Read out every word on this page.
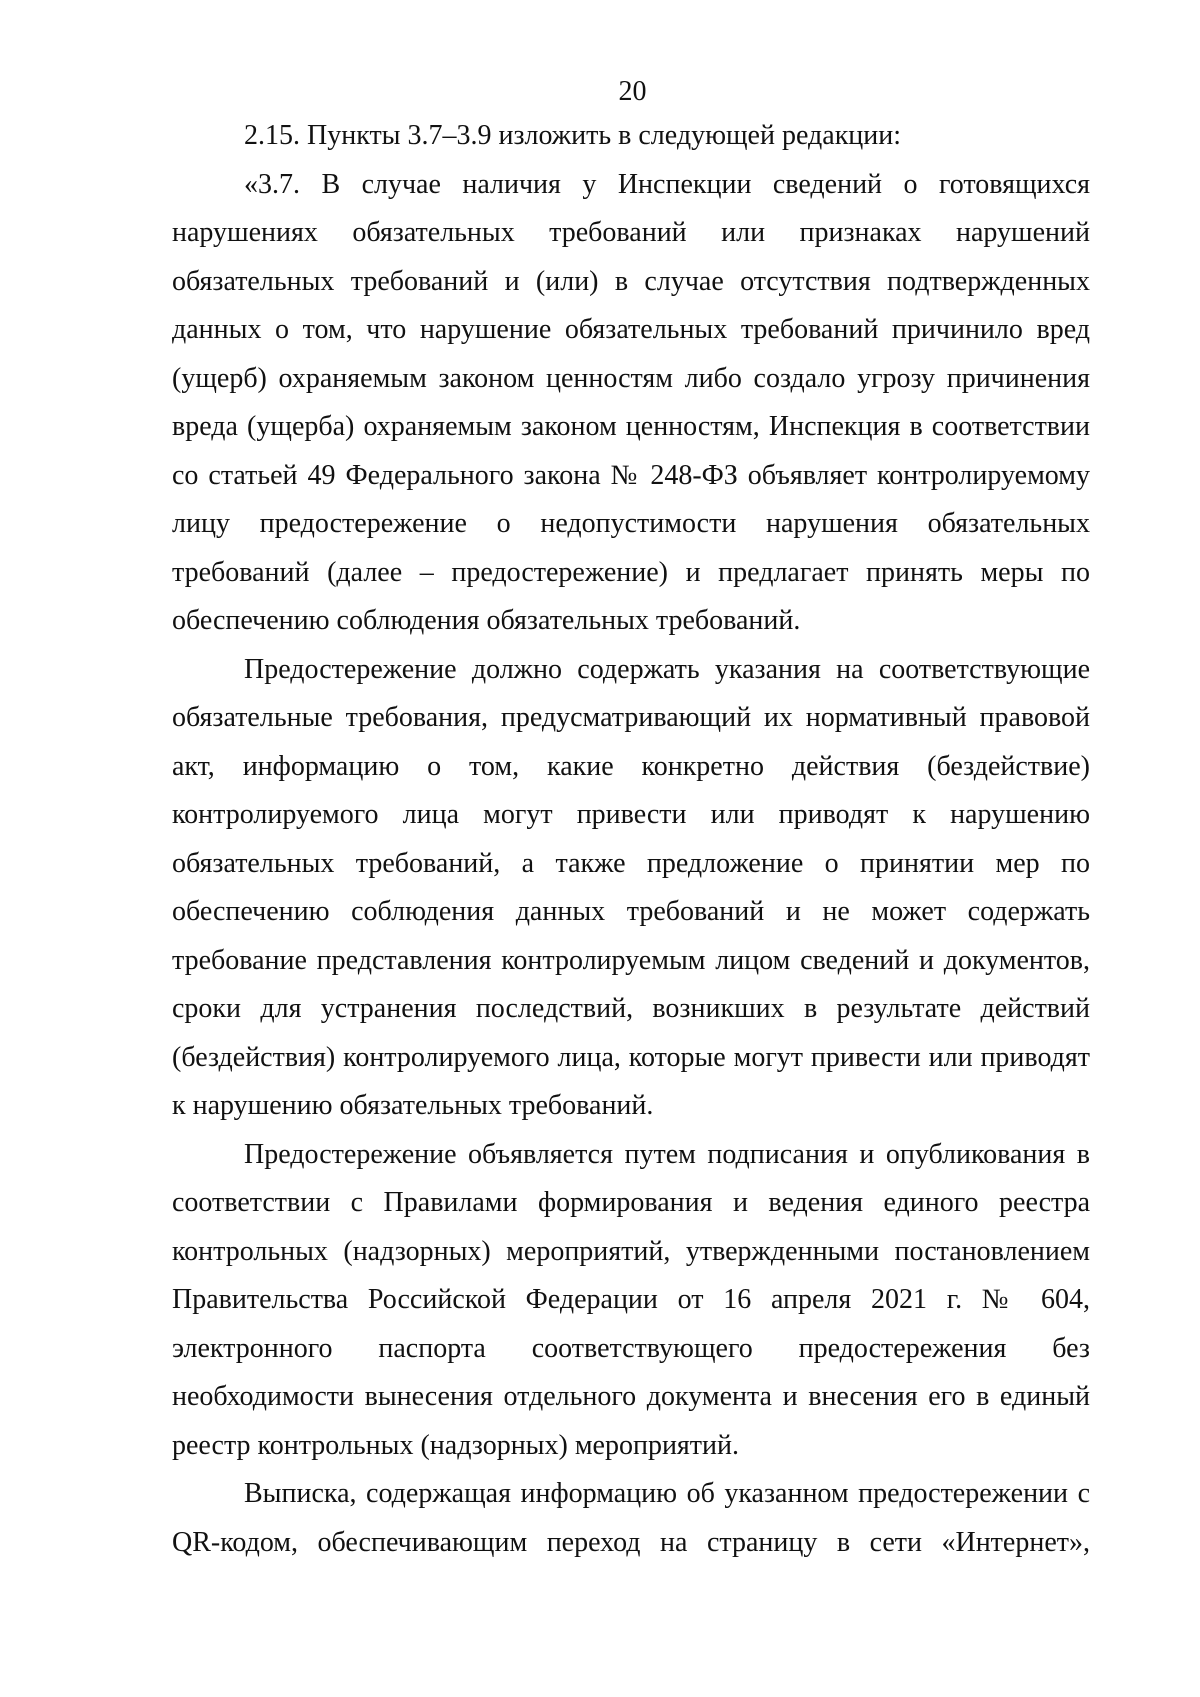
20

2.15. Пункты 3.7–3.9 изложить в следующей редакции:

«3.7. В случае наличия у Инспекции сведений о готовящихся нарушениях обязательных требований или признаках нарушений обязательных требований и (или) в случае отсутствия подтвержденных данных о том, что нарушение обязательных требований причинило вред (ущерб) охраняемым законом ценностям либо создало угрозу причинения вреда (ущерба) охраняемым законом ценностям, Инспекция в соответствии со статьей 49 Федерального закона № 248-ФЗ объявляет контролируемому лицу предостережение о недопустимости нарушения обязательных требований (далее – предостережение) и предлагает принять меры по обеспечению соблюдения обязательных требований.

Предостережение должно содержать указания на соответствующие обязательные требования, предусматривающий их нормативный правовой акт, информацию о том, какие конкретно действия (бездействие) контролируемого лица могут привести или приводят к нарушению обязательных требований, а также предложение о принятии мер по обеспечению соблюдения данных требований и не может содержать требование представления контролируемым лицом сведений и документов, сроки для устранения последствий, возникших в результате действий (бездействия) контролируемого лица, которые могут привести или приводят к нарушению обязательных требований.

Предостережение объявляется путем подписания и опубликования в соответствии с Правилами формирования и ведения единого реестра контрольных (надзорных) мероприятий, утвержденными постановлением Правительства Российской Федерации от 16 апреля 2021 г. № 604, электронного паспорта соответствующего предостережения без необходимости вынесения отдельного документа и внесения его в единый реестр контрольных (надзорных) мероприятий.

Выписка, содержащая информацию об указанном предостережении с QR-кодом, обеспечивающим переход на страницу в сети «Интернет»,
